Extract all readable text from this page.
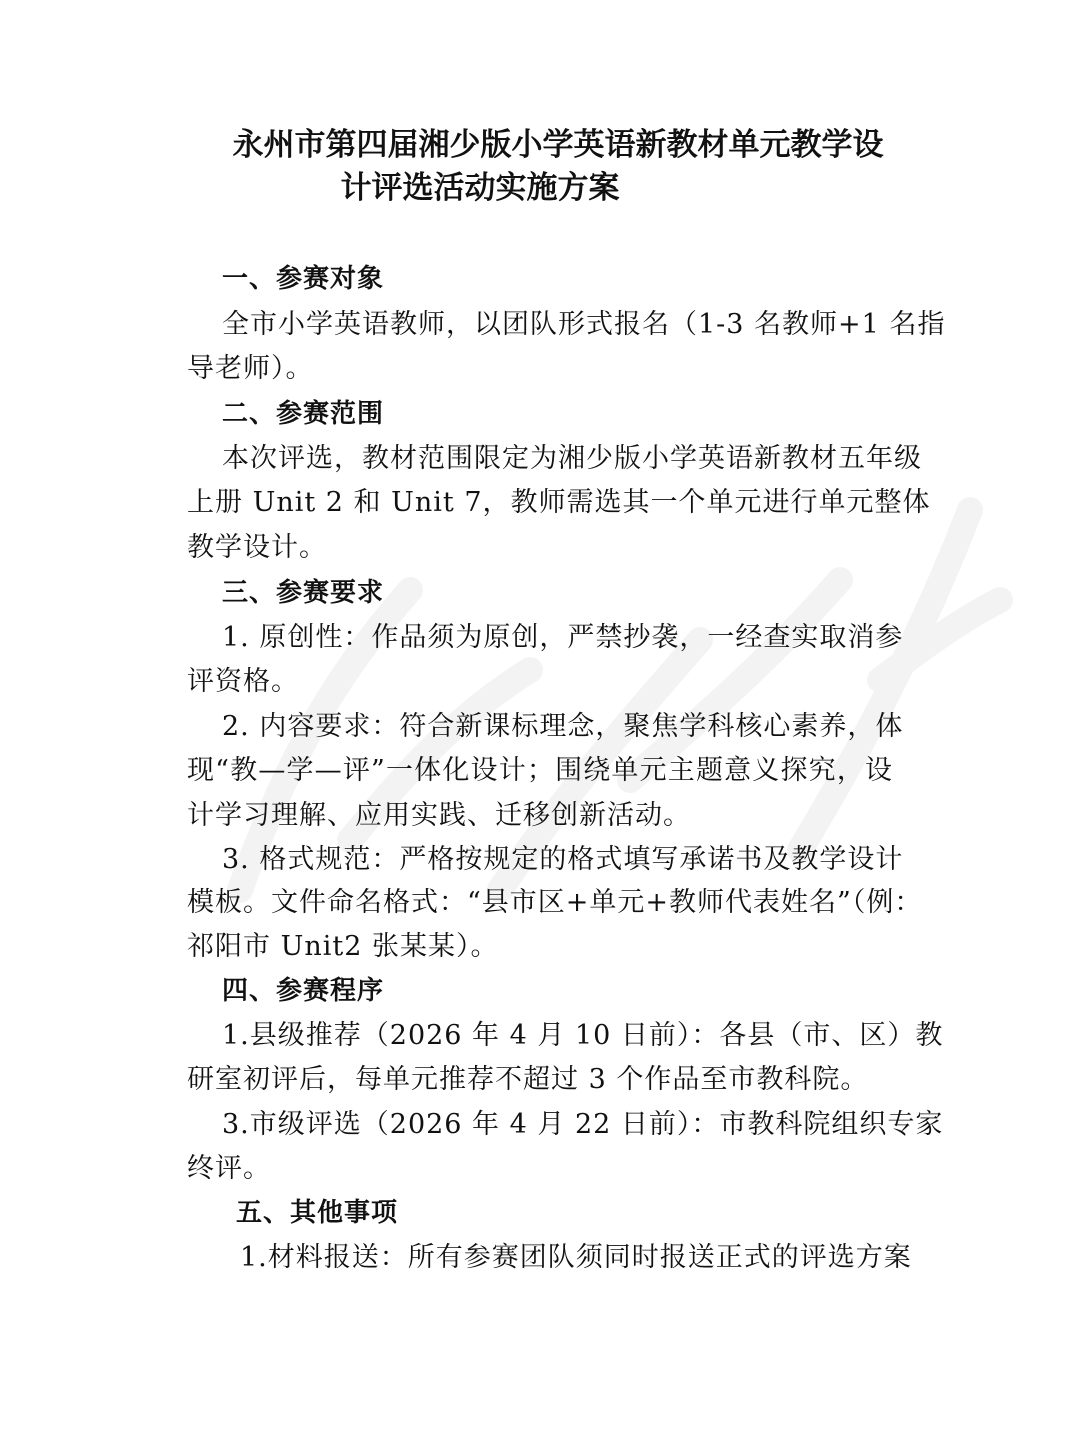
永州市第四届湘少版小学英语新教材单元教学设
计评选活动实施方案
一、参赛对象
全市小学英语教师，以团队形式报名（1-3 名教师+1 名指
导老师）。
二、参赛范围
本次评选，教材范围限定为湘少版小学英语新教材五年级
上册 Unit 2 和 Unit 7，教师需选其一个单元进行单元整体
教学设计。
三、参赛要求
1. 原创性：作品须为原创，严禁抄袭，一经查实取消参
评资格。
2. 内容要求：符合新课标理念，聚焦学科核心素养，体
现“教—学—评”一体化设计；围绕单元主题意义探究，设
计学习理解、应用实践、迁移创新活动。
3. 格式规范：严格按规定的格式填写承诺书及教学设计
模板。文件命名格式：“县市区+单元+教师代表姓名”（例：
祁阳市 Unit2 张某某）。
四、参赛程序
1.县级推荐（2026 年 4 月 10 日前）：各县（市、区）教
研室初评后，每单元推荐不超过 3 个作品至市教科院。
3.市级评选（2026 年 4 月 22 日前）：市教科院组织专家
终评。
五、其他事项
1.材料报送：所有参赛团队须同时报送正式的评选方案
